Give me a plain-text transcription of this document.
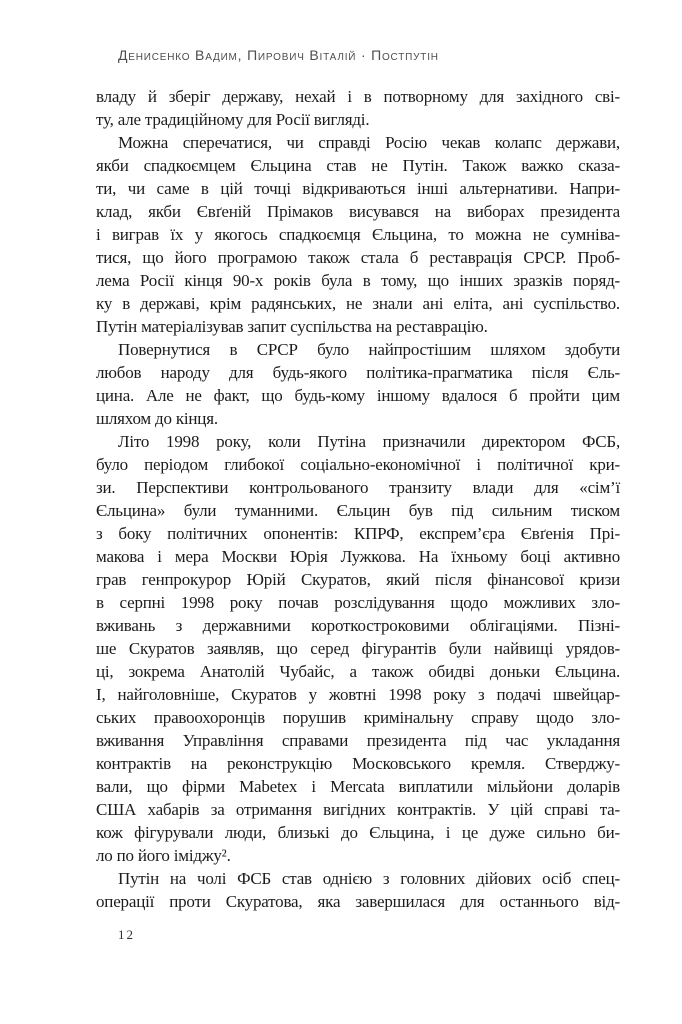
Денисенко Вадим, Пирович Віталій · Постпутін
владу й зберіг державу, нехай і в потворному для західного сві-
ту, але традиційному для Росії вигляді.
Можна сперечатися, чи справді Росію чекав колапс держави,
якби спадкоємцем Єльцина став не Путін. Також важко сказа-
ти, чи саме в цій точці відкриваються інші альтернативи. Напри-
клад, якби Євґеній Прімаков висувався на виборах президента
і виграв їх у якогось спадкоємця Єльцина, то можна не сумніва-
тися, що його програмою також стала б реставрація СРСР. Проб-
лема Росії кінця 90-х років була в тому, що інших зразків поряд-
ку в державі, крім радянських, не знали ані еліта, ані суспільство.
Путін матеріалізував запит суспільства на реставрацію.
Повернутися в СРСР було найпростішим шляхом здобути
любов народу для будь-якого політика-прагматика після Єль-
цина. Але не факт, що будь-кому іншому вдалося б пройти цим
шляхом до кінця.
Літо 1998 року, коли Путіна призначили директором ФСБ,
було періодом глибокої соціально-економічної і політичної кри-
зи. Перспективи контрольованого транзиту влади для «сім’ї
Єльцина» були туманними. Єльцин був під сильним тиском
з боку політичних опонентів: КПРФ, експрем’єра Євґенія Прі-
макова і мера Москви Юрія Лужкова. На їхньому боці активно
грав генпрокурор Юрій Скуратов, який після фінансової кризи
в серпні 1998 року почав розслідування щодо можливих зло-
вживань з державними короткостроковими облігаціями. Пізні-
ше Скуратов заявляв, що серед фігурантів були найвищі урядов-
ці, зокрема Анатолій Чубайс, а також обидві доньки Єльцина.
І, найголовніше, Скуратов у жовтні 1998 року з подачі швейцар-
ських правоохоронців порушив кримінальну справу щодо зло-
вживання Управління справами президента під час укладання
контрактів на реконструкцію Московського кремля. Стверджу-
вали, що фірми Mabetex і Mercata виплатили мільйони доларів
США хабарів за отримання вигідних контрактів. У цій справі та-
кож фігурували люди, близькі до Єльцина, і це дуже сильно би-
ло по його іміджу².
Путін на чолі ФСБ став однією з головних дійових осіб спец-
операції проти Скуратова, яка завершилася для останнього від-
12
